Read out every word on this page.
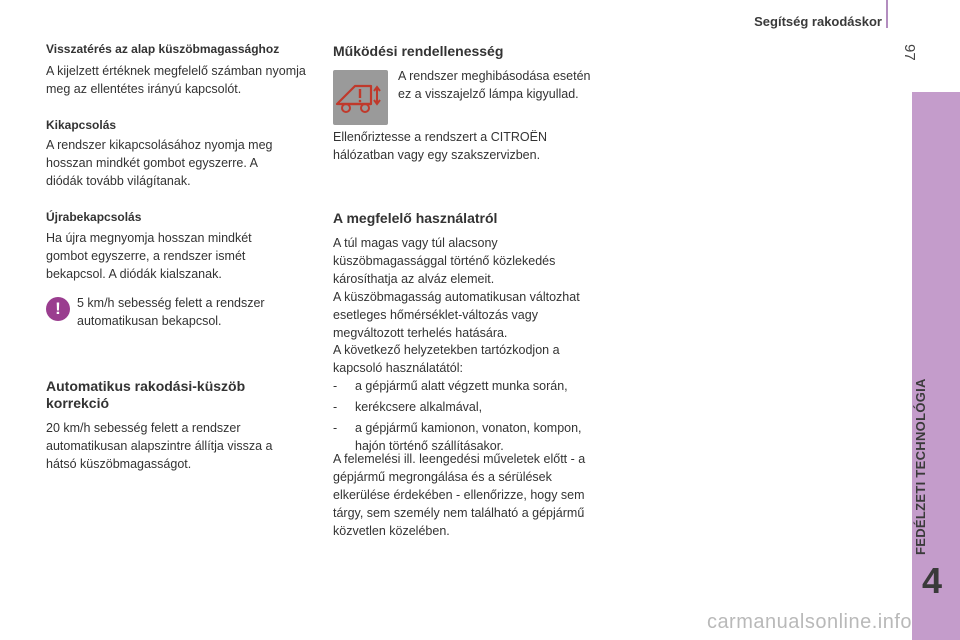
Segítség rakodáskor
97
FEDÉLZETI TECHNOLÓGIA
4
Visszatérés az alap küszöbmagassághoz
A kijelzett értéknek megfelelő számban nyomja meg az ellentétes irányú kapcsolót.
Kikapcsolás
A rendszer kikapcsolásához nyomja meg hosszan mindkét gombot egyszerre. A diódák tovább világítanak.
Újrabekapcsolás
Ha újra megnyomja hosszan mindkét gombot egyszerre, a rendszer ismét bekapcsol. A diódák kialszanak.
!	5 km/h sebesség felett a rendszer automatikusan bekapcsol.
Automatikus rakodási-küszöb korrekció
20 km/h sebesség felett a rendszer automatikusan alapszintre állítja vissza a hátsó küszöbmagasságot.
Működési rendellenesség
A rendszer meghibásodása esetén ez a visszajelző lámpa kigyullad.
Ellenőriztesse a rendszert a CITROËN hálózatban vagy egy szakszervizben.
A megfelelő használatról
A túl magas vagy túl alacsony küszöbmagassággal történő közlekedés károsíthatja az alváz elemeit.
A küszöbmagasság automatikusan változhat esetleges hőmérséklet-változás vagy megváltozott terhelés hatására.
A következő helyzetekben tartózkodjon a kapcsoló használatától:
-	a gépjármű alatt végzett munka során,
-	kerékcsere alkalmával,
-	a gépjármű kamionon, vonaton, kompon, hajón történő szállításakor.
A felemelési ill. leengedési műveletek előtt - a gépjármű megrongálása és a sérülések elkerülése érdekében - ellenőrizze, hogy sem tárgy, sem személy nem található a gépjármű közvetlen közelében.
carmanualsonline.info
